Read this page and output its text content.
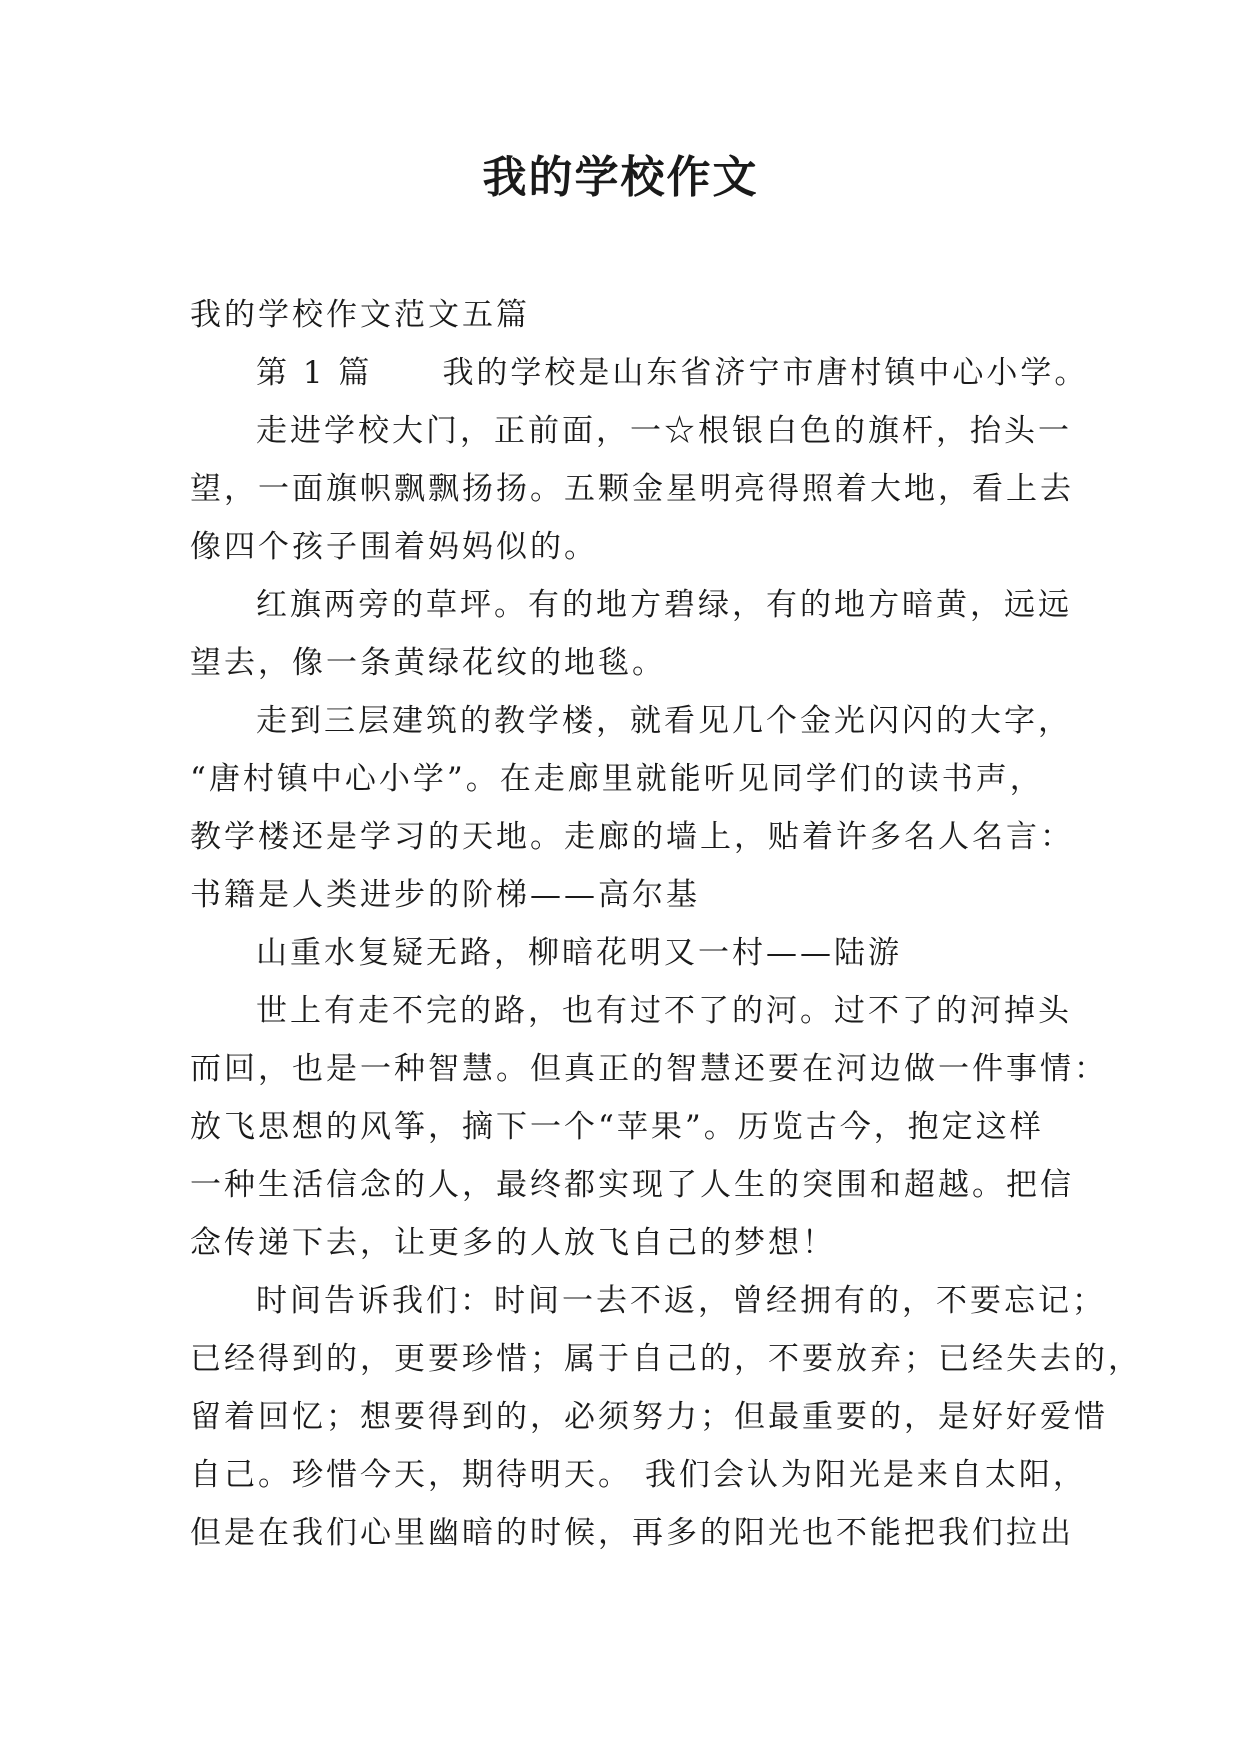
我的学校作文

我的学校作文范文五篇

第 1 篇 我的学校是山东省济宁市唐村镇中心小学。

走进学校大门，正前面，一☆根银白色的旗杆，抬头一

望，一面旗帜飘飘扬扬。五颗金星明亮得照着大地，看上去

像四个孩子围着妈妈似的。

红旗两旁的草坪。有的地方碧绿，有的地方暗黄，远远

望去，像一条黄绿花纹的地毯。

走到三层建筑的教学楼，就看见几个金光闪闪的大字，

“唐村镇中心小学”。在走廊里就能听见同学们的读书声，

教学楼还是学习的天地。走廊的墙上，贴着许多名人名言：

书籍是人类进步的阶梯——高尔基

山重水复疑无路，柳暗花明又一村——陆游

世上有走不完的路，也有过不了的河。过不了的河掉头

而回，也是一种智慧。但真正的智慧还要在河边做一件事情：

放飞思想的风筝，摘下一个“苹果”。历览古今，抱定这样

一种生活信念的人，最终都实现了人生的突围和超越。把信

念传递下去，让更多的人放飞自己的梦想！

时间告诉我们：时间一去不返，曾经拥有的，不要忘记；

已经得到的，更要珍惜；属于自己的，不要放弃；已经失去的，

留着回忆；想要得到的，必须努力；但最重要的，是好好爱惜

自己。珍惜今天，期待明天。 我们会认为阳光是来自太阳，

但是在我们心里幽暗的时候，再多的阳光也不能把我们拉出
